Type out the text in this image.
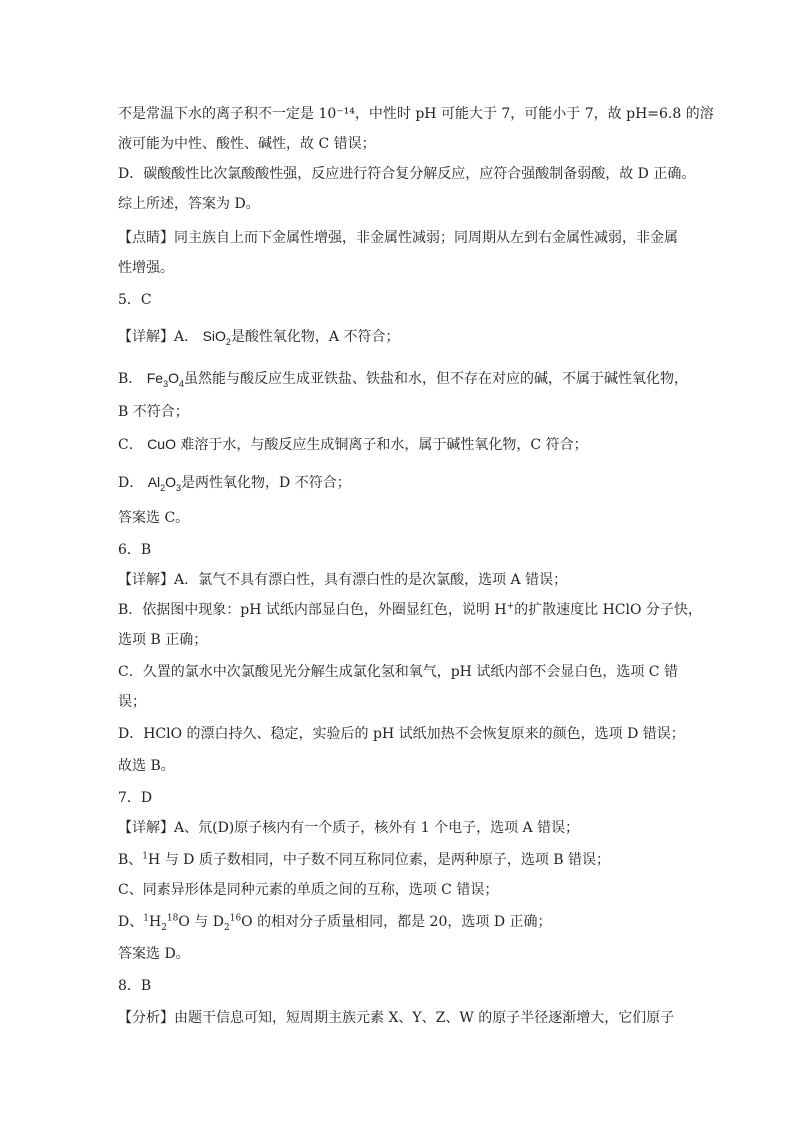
不是常温下水的离子积不一定是 10⁻¹⁴，中性时 pH 可能大于 7，可能小于 7，故 pH=6.8 的溶
液可能为中性、酸性、碱性，故 C 错误；
D．碳酸酸性比次氯酸酸性强，反应进行符合复分解反应，应符合强酸制备弱酸，故 D 正确。
综上所述，答案为 D。
【点睛】同主族自上而下金属性增强，非金属性减弱；同周期从左到右金属性减弱，非金属
性增强。
5．C
【详解】A． SiO$_2$是酸性氧化物，A 不符合；
B． $Fe_3O_4$虽然能与酸反应生成亚铁盐、铁盐和水，但不存在对应的碱，不属于碱性氧化物，
B 不符合；
C． CuO 难溶于水，与酸反应生成铜离子和水，属于碱性氧化物，C 符合；
D． $Al_2O_3$是两性氧化物，D 不符合；
答案选 C。
6．B
【详解】A．氯气不具有漂白性，具有漂白性的是次氯酸，选项 A 错误；
B．依据图中现象：pH 试纸内部显白色，外圈显红色，说明 H+的扩散速度比 HClO 分子快，
选项 B 正确；
C．久置的氯水中次氯酸见光分解生成氯化氢和氧气，pH 试纸内部不会显白色，选项 C 错
误；
D．HClO 的漂白持久、稳定，实验后的 pH 试纸加热不会恢复原来的颜色，选项 D 错误；
故选 B。
7．D
【详解】A、氘(D)原子核内有一个质子，核外有 1 个电子，选项 A 错误；
B、$^1$H 与 D 质子数相同，中子数不同互称同位素，是两种原子，选项 B 错误；
C、同素异形体是同种元素的单质之间的互称，选项 C 错误；
D、$^1H_2^{18}O$ 与 $D_2^{16}O$ 的相对分子质量相同，都是 20，选项 D 正确；
答案选 D。
8．B
【分析】由题干信息可知，短周期主族元素 X、Y、Z、W 的原子半径逐渐增大，它们原子
